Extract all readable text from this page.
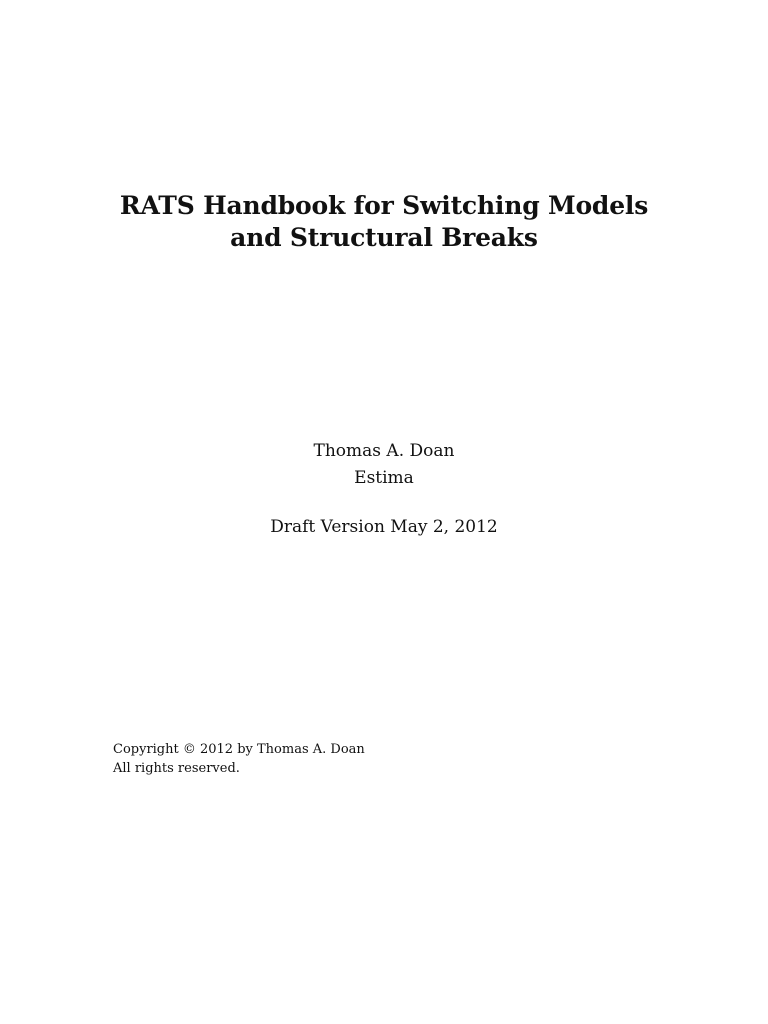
RATS Handbook for Switching Models
and Structural Breaks
Thomas A. Doan
Estima
Draft Version May 2, 2012
Copyright © 2012 by Thomas A. Doan
All rights reserved.
